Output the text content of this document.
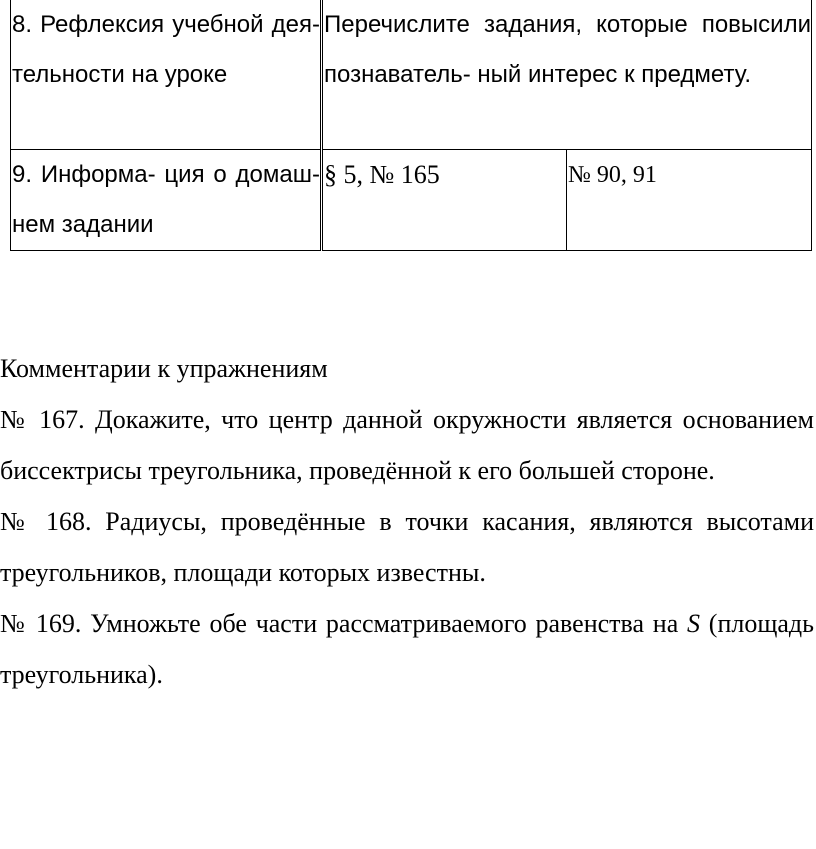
8. Рефлексия учебной дея- тельности на уроке	Перечислите задания, которые повысили познаватель- ный интерес к предмету.	
9. Информа- ция о домаш- нем задании	§ 5, № 165	№ 90, 91

Комментарии к упражнениям

№ 167. Докажите, что центр данной окружности является основанием биссектрисы треугольника, проведённой к его большей стороне.

№ 168. Радиусы, проведённые в точки касания, являются высотами треугольников, площади которых известны.

№ 169. Умножьте обе части рассматриваемого равенства на S (площадь треугольника).
